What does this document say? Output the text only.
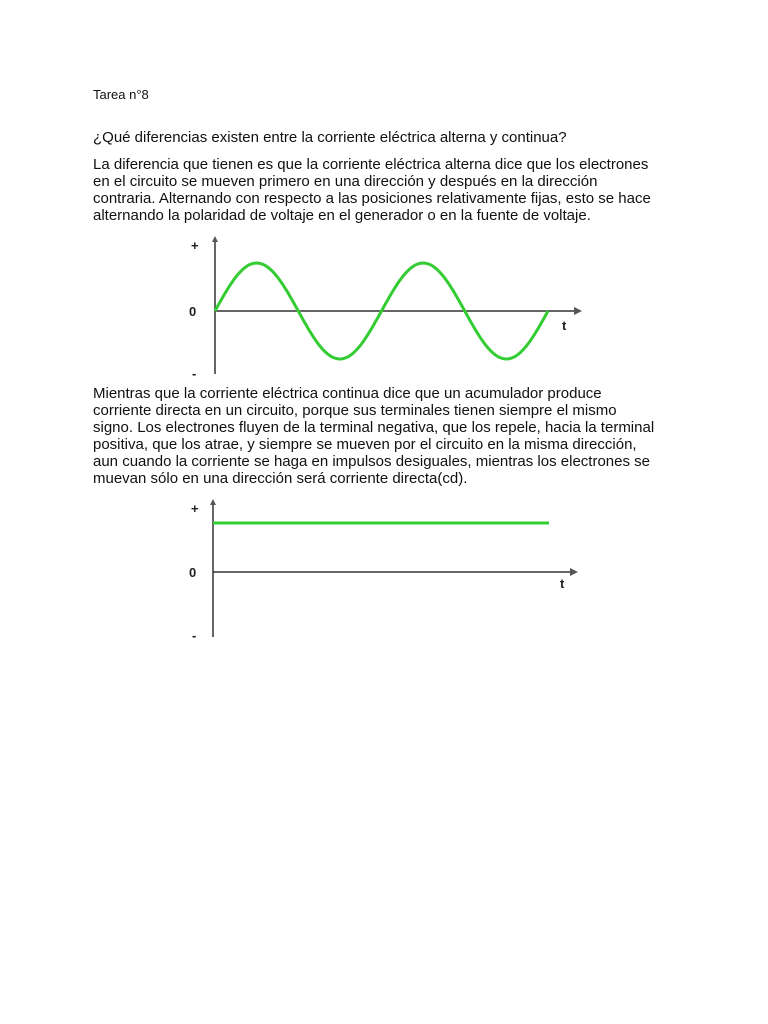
Tarea n°8
¿Qué diferencias existen entre la corriente eléctrica alterna y continua?

La diferencia que tienen es que la corriente eléctrica alterna dice que los electrones
en el circuito se mueven primero en una dirección y después en la dirección
contraria. Alternando con respecto a las posiciones relativamente fijas, esto se hace
alternando la polaridad de voltaje en el generador o en la fuente de voltaje.

+
0
-
t

Mientras que la corriente eléctrica continua dice que un acumulador produce
corriente directa en un circuito, porque sus terminales tienen siempre el mismo
signo. Los electrones fluyen de la terminal negativa, que los repele, hacia la terminal
positiva, que los atrae, y siempre se mueven por el circuito en la misma dirección,
aun cuando la corriente se haga en impulsos desiguales, mientras los electrones se
muevan sólo en una dirección será corriente directa(cd).

+
0
-
t
